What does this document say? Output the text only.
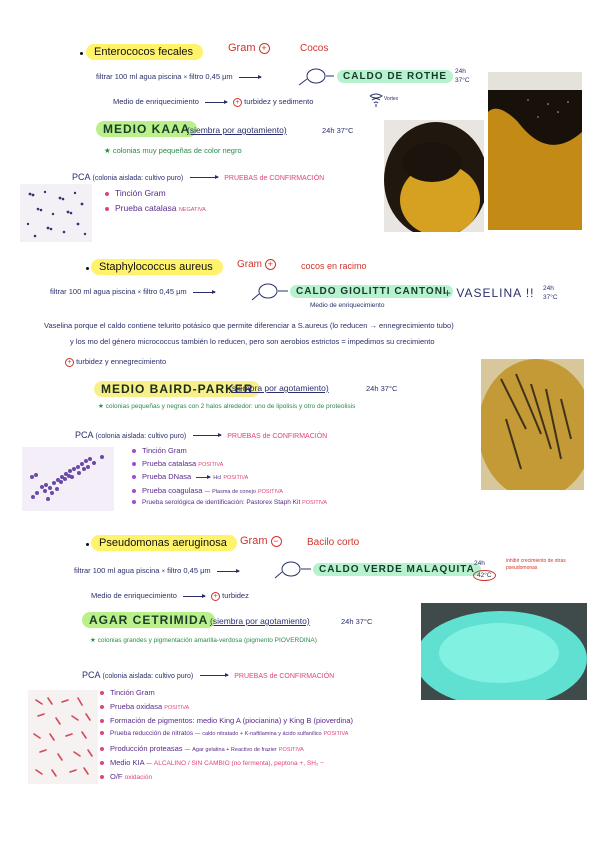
Enterococos fecales	Gram +	Cocos
filtrar 100 ml agua piscina × filtro 0,45 μm	CALDO DE ROTHE	24h 37°C
Medio de enriquecimiento	+ turbidez y sedimento	Vortex
MEDIO KAAA
(siembra por agotamiento)	24h 37°C
★ colonias muy pequeñas de color negro
PCA (colonia aislada: cultivo puro)	PRUEBAS de CONFIRMACIÓN
Tinción Gram
Prueba catalasa NEGATIVA
Staphylococcus aureus	Gram +	cocos en racimo
filtrar 100 ml agua piscina × filtro 0,45 μm	CALDO GIOLITTI CANTONI
+ VASELINA !! 24h 37°C
Medio de enriquecimiento
Vaselina porque el caldo contiene telurito potásico que permite diferenciar a S.aureus (lo reducen → ennegrecimiento tubo)
y los mo del género micrococcus también lo reducen, pero son aerobios estrictos = impedimos su crecimiento
+ turbidez y ennegrecimiento
MEDIO BAIRD-PARKER
(siembra por agotamiento)	24h 37°C
★ colonias pequeñas y negras con 2 halos alrededor: uno de lipolisis y otro de proteolisis
PCA (colonia aislada: cultivo puro)	PRUEBAS de CONFIRMACIÓN
Tinción Gram
Prueba catalasa POSITIVA
Prueba DNasa	Hcl POSITIVA
Prueba coagulasa — Plasma de conejo POSITIVA
Prueba serológica de identificación: Pastorex Staph Kit POSITIVA
Pseudomonas aeruginosa	Gram −	Bacilo corto
filtrar 100 ml agua piscina × filtro 0,45 μm	CALDO VERDE MALAQUITA
24h
42°C
inhibir crecimiento de otras pseudomonas
Medio de enriquecimiento	+ turbidez
AGAR CETRIMIDA (siembra por agotamiento)	24h 37°C
★ colonias grandes y pigmentación amarilla-verdosa (pigmento PIOVERDINA)
PCA (colonia aislada: cultivo puro)	PRUEBAS de CONFIRMACIÓN
Tinción Gram
Prueba oxidasa POSITIVA
Formación de pigmentos: medio King A (piocianina) y King B (pioverdina)
Prueba reducción de nitratos — caldo nitratado + K-naftilamina y ácido sulfanílico POSITIVA
Producción proteasas — Agar gelatina + Reactivo de frazier POSITIVA
Medio KIA — ALCALINO / SIN CAMBIO (no fermenta), peptona +, SH₂ −
O/F oxidación
